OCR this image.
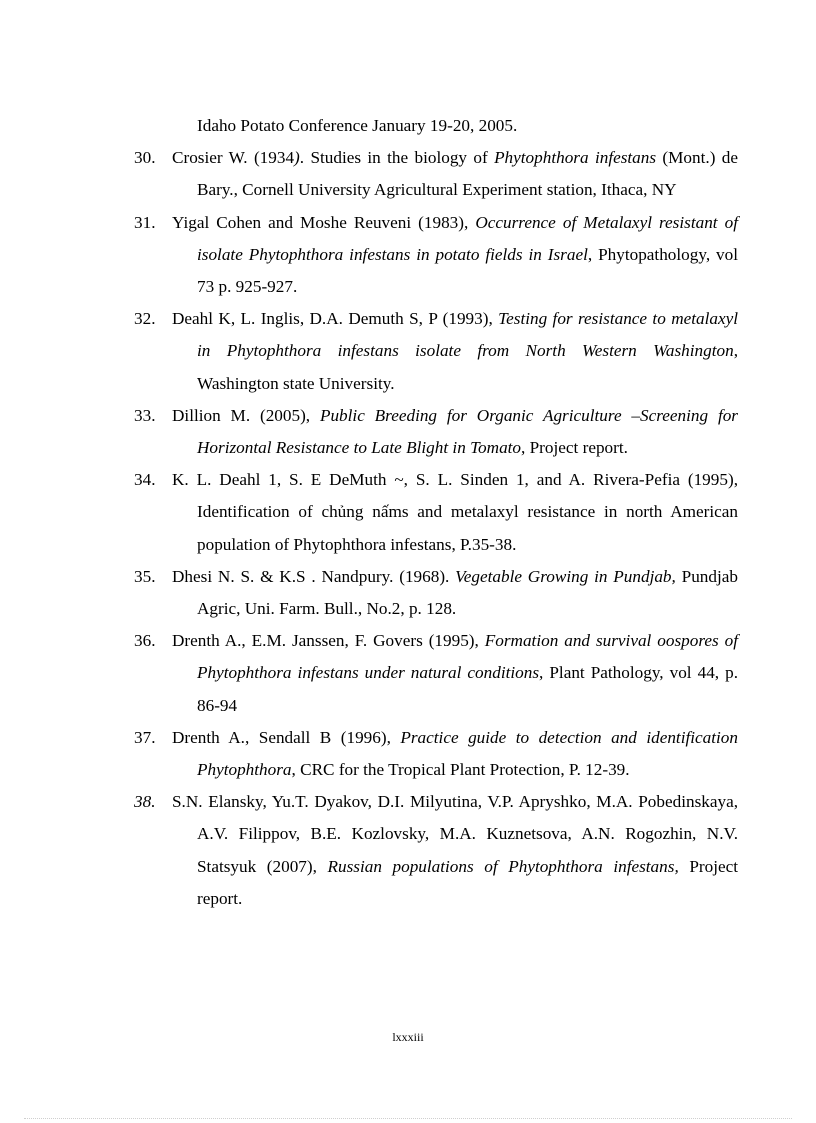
Idaho Potato Conference January 19-20, 2005.
30. Crosier W. (1934). Studies in the biology of Phytophthora infestans (Mont.) de Bary., Cornell University Agricultural Experiment station, Ithaca, NY
31. Yigal Cohen and Moshe Reuveni (1983), Occurrence of Metalaxyl resistant of isolate Phytophthora infestans in potato fields in Israel, Phytopathology, vol 73 p. 925-927.
32. Deahl K, L. Inglis, D.A. Demuth S, P (1993), Testing for resistance to metalaxyl in Phytophthora infestans isolate from North Western Washington, Washington state University.
33. Dillion M. (2005), Public Breeding for Organic Agriculture –Screening for Horizontal Resistance to Late Blight in Tomato, Project report.
34. K. L. Deahl 1, S. E DeMuth ~, S. L. Sinden 1, and A. Rivera-Pefia (1995), Identification of chủng nấms and metalaxyl resistance in north American population of Phytophthora infestans, P.35-38.
35. Dhesi N. S. & K.S . Nandpury. (1968). Vegetable Growing in Pundjab, Pundjab Agric, Uni. Farm. Bull., No.2, p. 128.
36. Drenth A., E.M. Janssen, F. Govers (1995), Formation and survival oospores of Phytophthora infestans under natural conditions, Plant Pathology, vol 44, p. 86-94
37. Drenth A., Sendall B (1996), Practice guide to detection and identification Phytophthora, CRC for the Tropical Plant Protection, P. 12-39.
38. S.N. Elansky, Yu.T. Dyakov, D.I. Milyutina, V.P. Apryshko, M.A. Pobedinskaya, A.V. Filippov, B.E. Kozlovsky, M.A. Kuznetsova, A.N. Rogozhin, N.V. Statsyuk (2007), Russian populations of Phytophthora infestans, Project report.
lxxxiii
